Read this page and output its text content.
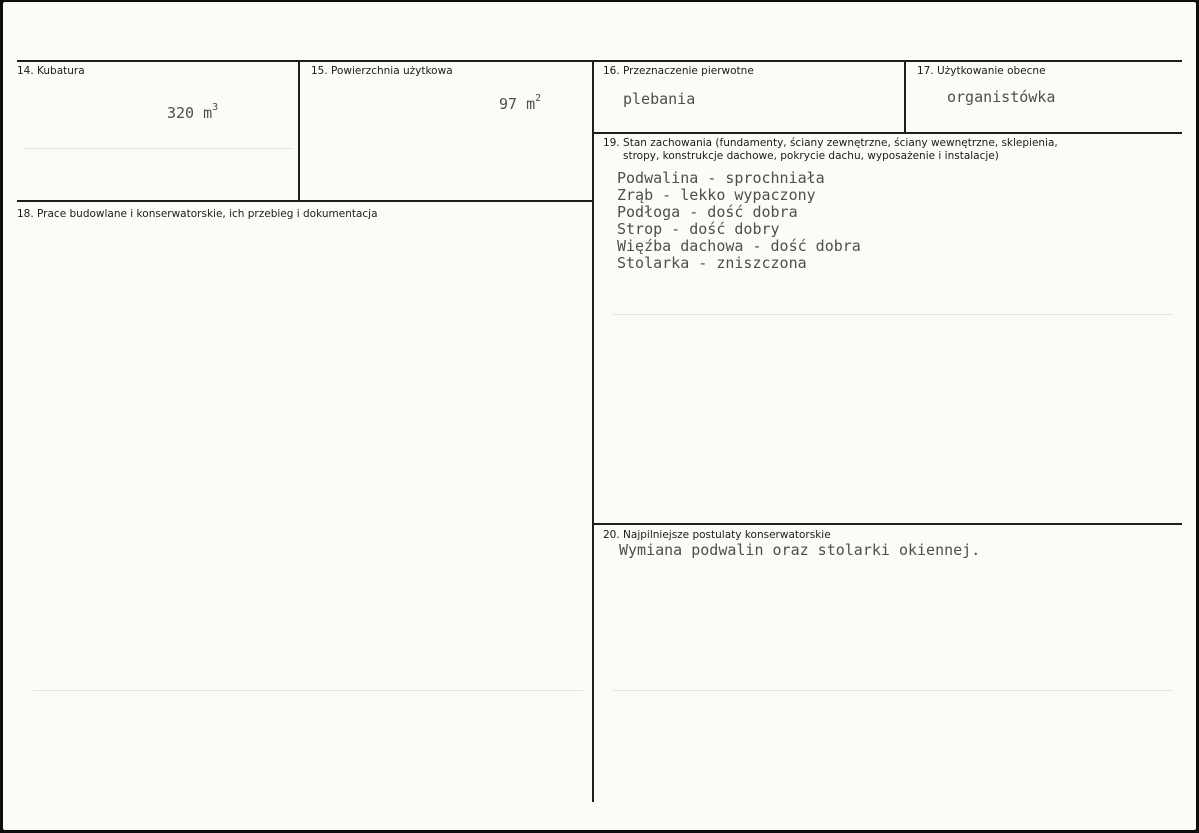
14. Kubatura
320 $m^3$
15. Powierzchnia użytkowa
97 $m^2$
16. Przeznaczenie pierwotne
plebania
17. Użytkowanie obecne
organistówka
18. Prace budowlane i konserwatorskie, ich przebieg i dokumentacja
19. Stan zachowania (fundamenty, ściany zewnętrzne, ściany wewnętrzne, sklepienia,
stropy, konstrukcje dachowe, pokrycie dachu, wyposażenie i instalacje)
Podwalina - sprochniała
Zrąb - lekko wypaczony
Podłoga - dość dobra
Strop - dość dobry
Więźba dachowa - dość dobra
Stolarka - zniszczona
20. Najpilniejsze postulaty konserwatorskie
Wymiana podwalin oraz stolarki okiennej.
